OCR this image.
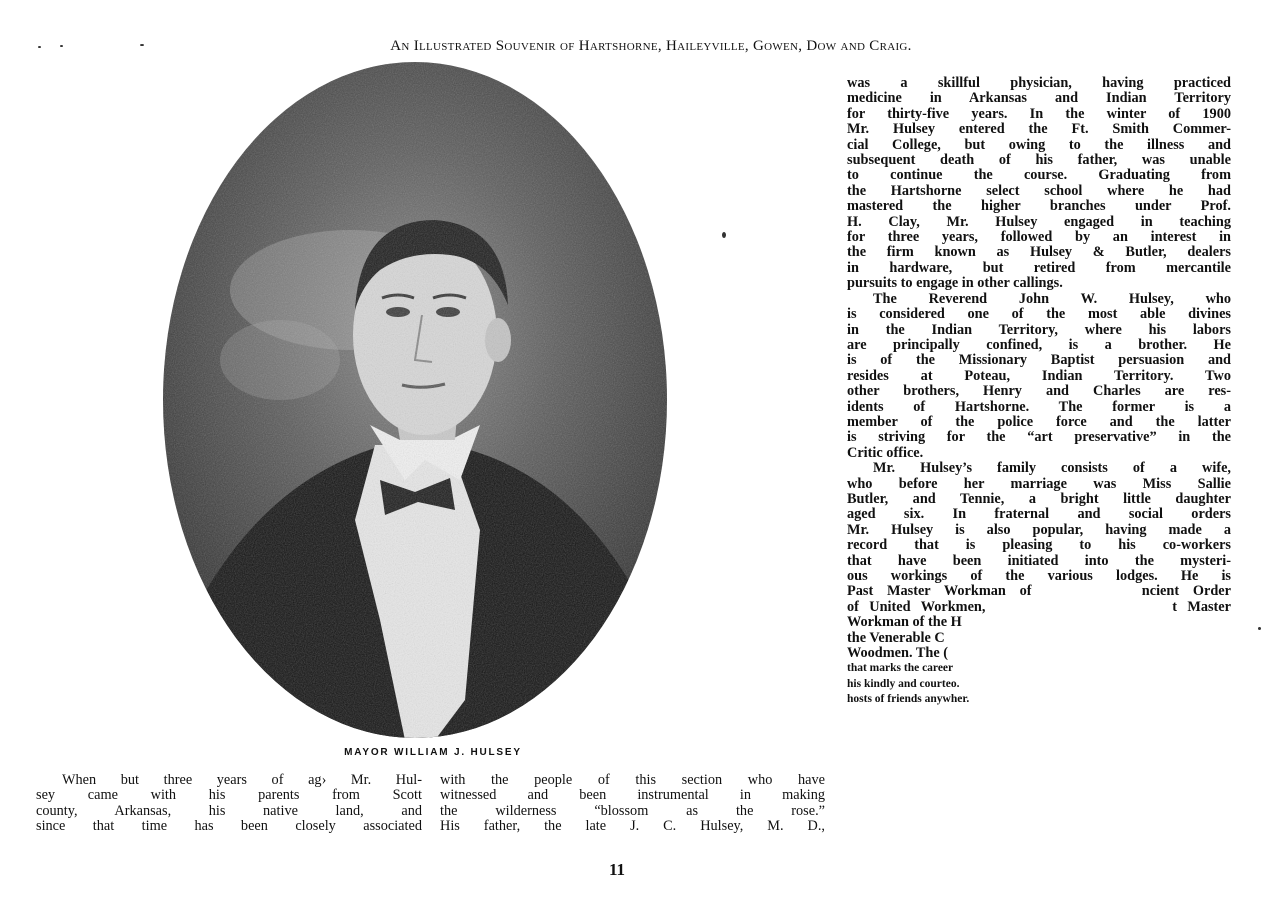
An Illustrated Souvenir of Hartshorne, Haileyville, Gowen, Dow and Craig.
MAYOR WILLIAM J. HULSEY
When but three years of ag› Mr. Hul-
sey came with his parents from Scott
county, Arkansas, his native land, and
since that time has been closely associated
with the people of this section who have
witnessed and been instrumental in making
the wilderness “blossom as the rose.”
His father, the late J. C. Hulsey, M. D.,
was a skillful physician, having practiced
medicine in Arkansas and Indian Territory
for thirty-five years. In the winter of 1900
Mr. Hulsey entered the Ft. Smith Commer-
cial College, but owing to the illness and
subsequent death of his father, was unable
to continue the course. Graduating from
the Hartshorne select school where he had
mastered the higher branches under Prof.
H. Clay, Mr. Hulsey engaged in teaching
for three years, followed by an interest in
the firm known as Hulsey & Butler, dealers
in hardware, but retired from mercantile
pursuits to engage in other callings.
The Reverend John W. Hulsey, who
is considered one of the most able divines
in the Indian Territory, where his labors
are principally confined, is a brother. He
is of the Missionary Baptist persuasion and
resides at Poteau, Indian Territory. Two
other brothers, Henry and Charles are res-
idents of Hartshorne. The former is a
member of the police force and the latter
is striving for the “art preservative” in the
Critic office.
Mr. Hulsey’s family consists of a wife,
who before her marriage was Miss Sallie
Butler, and Tennie, a bright little daughter
aged six. In fraternal and social orders
Mr. Hulsey is also popular, having made a
record that is pleasing to his co-workers
that have been initiated into the mysteri-
ous workings of the various lodges. He is
Past Master Workman of        ncient Order
of United Workmen,                  t Master
Workman of the H
the Venerable C
Woodmen. The (
that marks the career
his kindly and courteo.
hosts of friends anywher.
11
